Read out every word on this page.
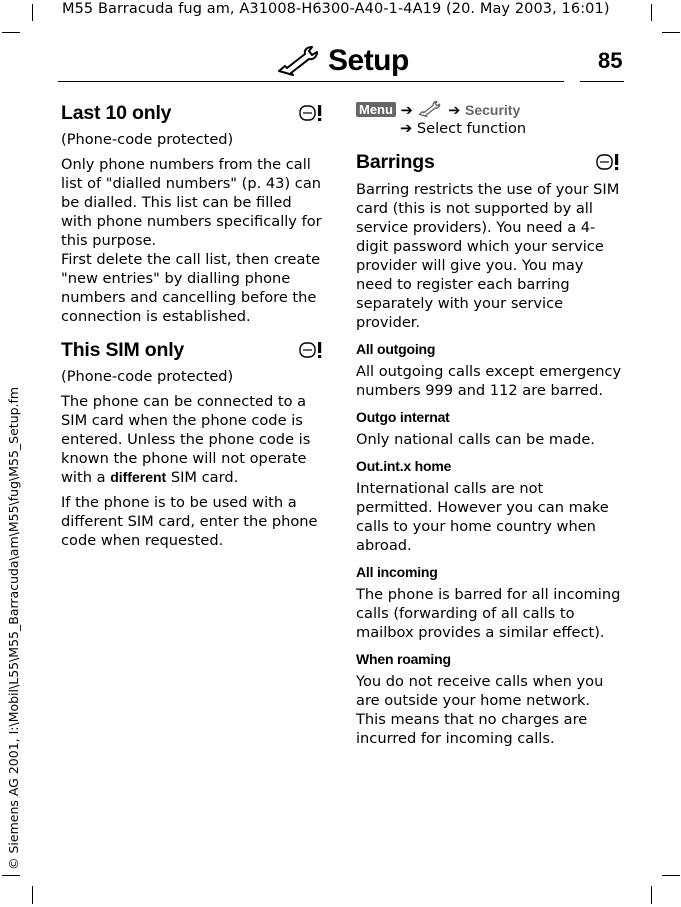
M55 Barracuda fug am, A31008-H6300-A40-1-4A19 (20. May 2003, 16:01)
© Siemens AG 2001, I:\Mobil\L55\M55_Barracuda\am\M55\fug\M55_Setup.fm
Setup	85
Last 10 only

(Phone-code protected)

Only phone numbers from the call list of "dialled numbers" (p. 43) can be dialled. This list can be filled with phone numbers specifically for this purpose.

First delete the call list, then create "new entries" by dialling phone numbers and cancelling before the connection is established.

This SIM only

(Phone-code protected)

The phone can be connected to a SIM card when the phone code is entered. Unless the phone code is known the phone will not operate with a different SIM card.

If the phone is to be used with a different SIM card, enter the phone code when requested.

Menu ➔ ➔ Security
➔ Select function
Barrings

Barring restricts the use of your SIM card (this is not supported by all service providers). You need a 4-digit password which your service provider will give you. You may need to register each barring separately with your service provider.

All outgoing

All outgoing calls except emergency numbers 999 and 112 are barred.

Outgo internat

Only national calls can be made.

Out.int.x home

International calls are not permitted. However you can make calls to your home country when abroad.

All incoming

The phone is barred for all incoming calls (forwarding of all calls to mailbox provides a similar effect).

When roaming

You do not receive calls when you are outside your home network. This means that no charges are incurred for incoming calls.
